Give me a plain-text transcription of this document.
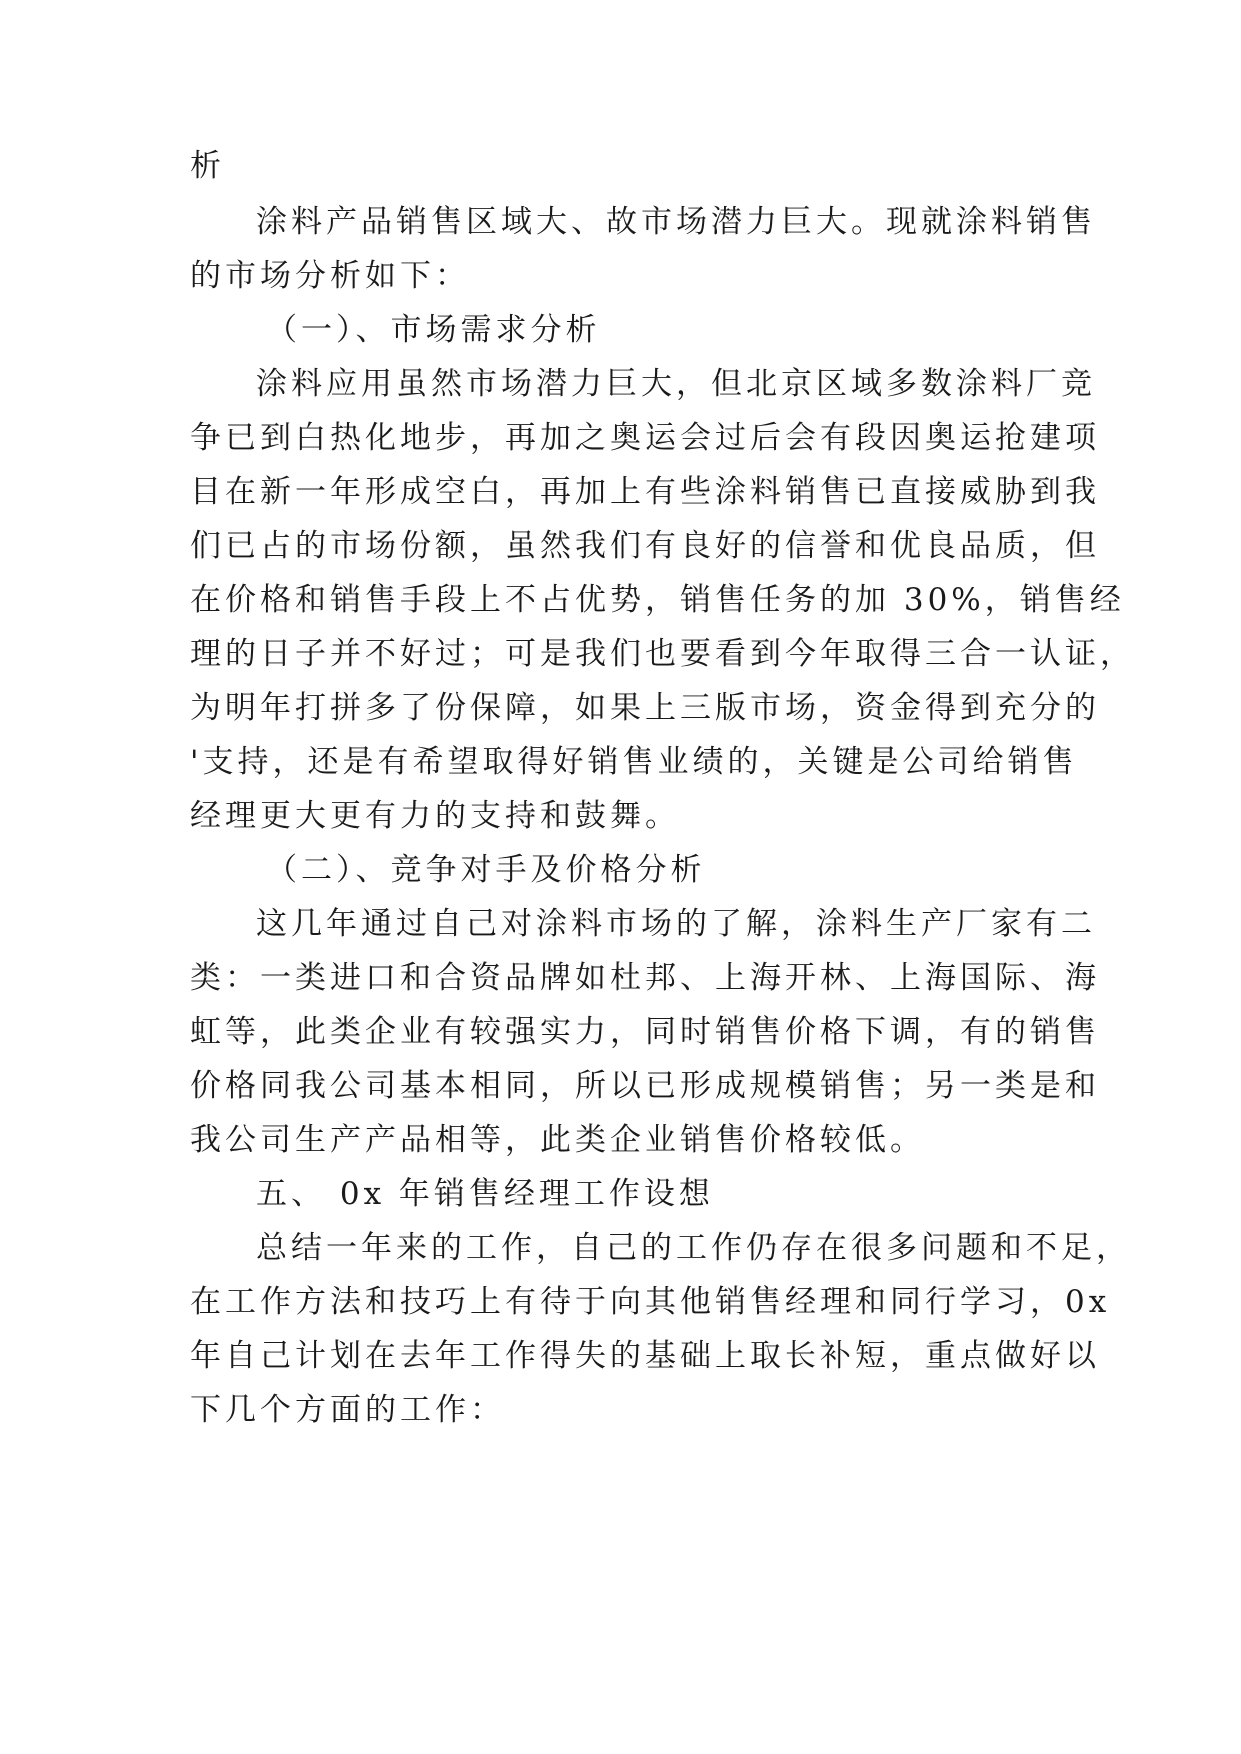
析
涂料产品销售区域大、故市场潜力巨大。现就涂料销售
的市场分析如下：
（一）、市场需求分析
涂料应用虽然市场潜力巨大，但北京区域多数涂料厂竞
争已到白热化地步，再加之奥运会过后会有段因奥运抢建项
目在新一年形成空白，再加上有些涂料销售已直接威胁到我
们已占的市场份额，虽然我们有良好的信誉和优良品质，但
在价格和销售手段上不占优势，销售任务的加 30%，销售经
理的日子并不好过；可是我们也要看到今年取得三合一认证，
为明年打拼多了份保障，如果上三版市场，资金得到充分的
'支持，还是有希望取得好销售业绩的，关键是公司给销售
经理更大更有力的支持和鼓舞。
（二）、竞争对手及价格分析
这几年通过自己对涂料市场的了解，涂料生产厂家有二
类：一类进口和合资品牌如杜邦、上海开林、上海国际、海
虹等，此类企业有较强实力，同时销售价格下调，有的销售
价格同我公司基本相同，所以已形成规模销售；另一类是和
我公司生产产品相等，此类企业销售价格较低。
五、 0x 年销售经理工作设想
总结一年来的工作，自己的工作仍存在很多问题和不足，
在工作方法和技巧上有待于向其他销售经理和同行学习，0x
年自己计划在去年工作得失的基础上取长补短，重点做好以
下几个方面的工作：
